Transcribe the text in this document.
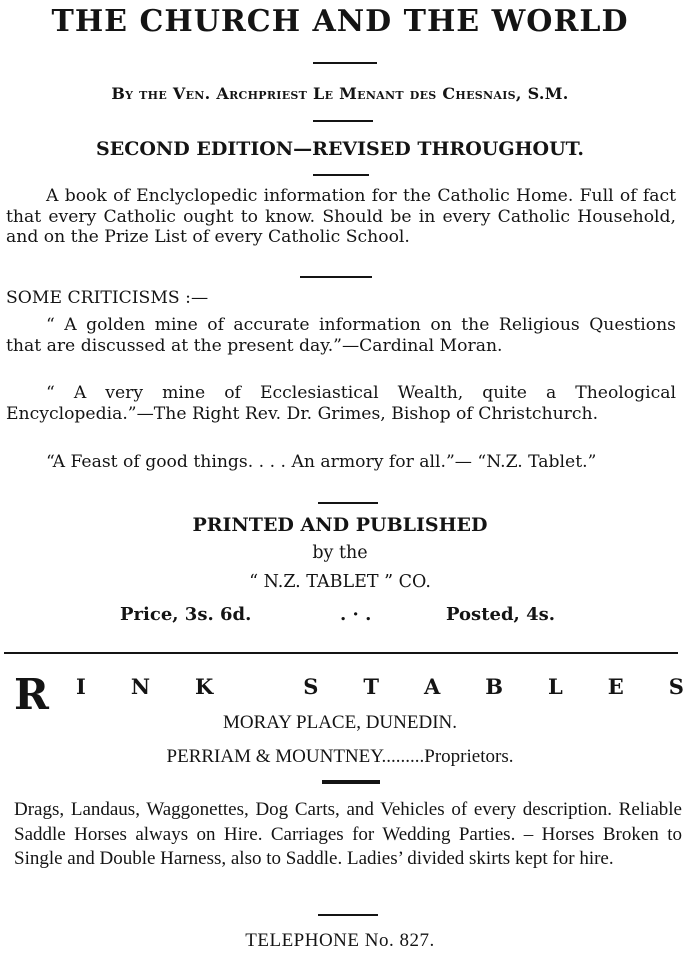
THE CHURCH AND THE WORLD
By the Ven. Archpriest Le Menant des Chesnais, S.M.
SECOND EDITION—REVISED THROUGHOUT.
A book of Enclyclopedic information for the Catholic Home. Full of fact that every Catholic ought to know. Should be in every Catholic Household, and on the Prize List of every Catholic School.
SOME CRITICISMS :—
“ A golden mine of accurate information on the Religious Questions that are discussed at the present day.”—Cardinal Moran.
“ A very mine of Ecclesiastical Wealth, quite a Theological Encyclopedia.”—The Right Rev. Dr. Grimes, Bishop of Christchurch.
“A Feast of good things. . . . An armory for all.”— “N.Z. Tablet.”
PRINTED AND PUBLISHED
by the
“ N.Z. TABLET ” CO.
Price, 3s. 6d.	. · .	Posted, 4s.
R I N K	S T A B L E S
MORAY PLACE, DUNEDIN.
PERRIAM & MOUNTNEY.........Proprietors.
Drags, Landaus, Waggonettes, Dog Carts, and Vehicles of every description. Reliable Saddle Horses always on Hire. Carriages for Wedding Parties. – Horses Broken to Single and Double Harness, also to Saddle. Ladies’ divided skirts kept for hire.
TELEPHONE No. 827.
